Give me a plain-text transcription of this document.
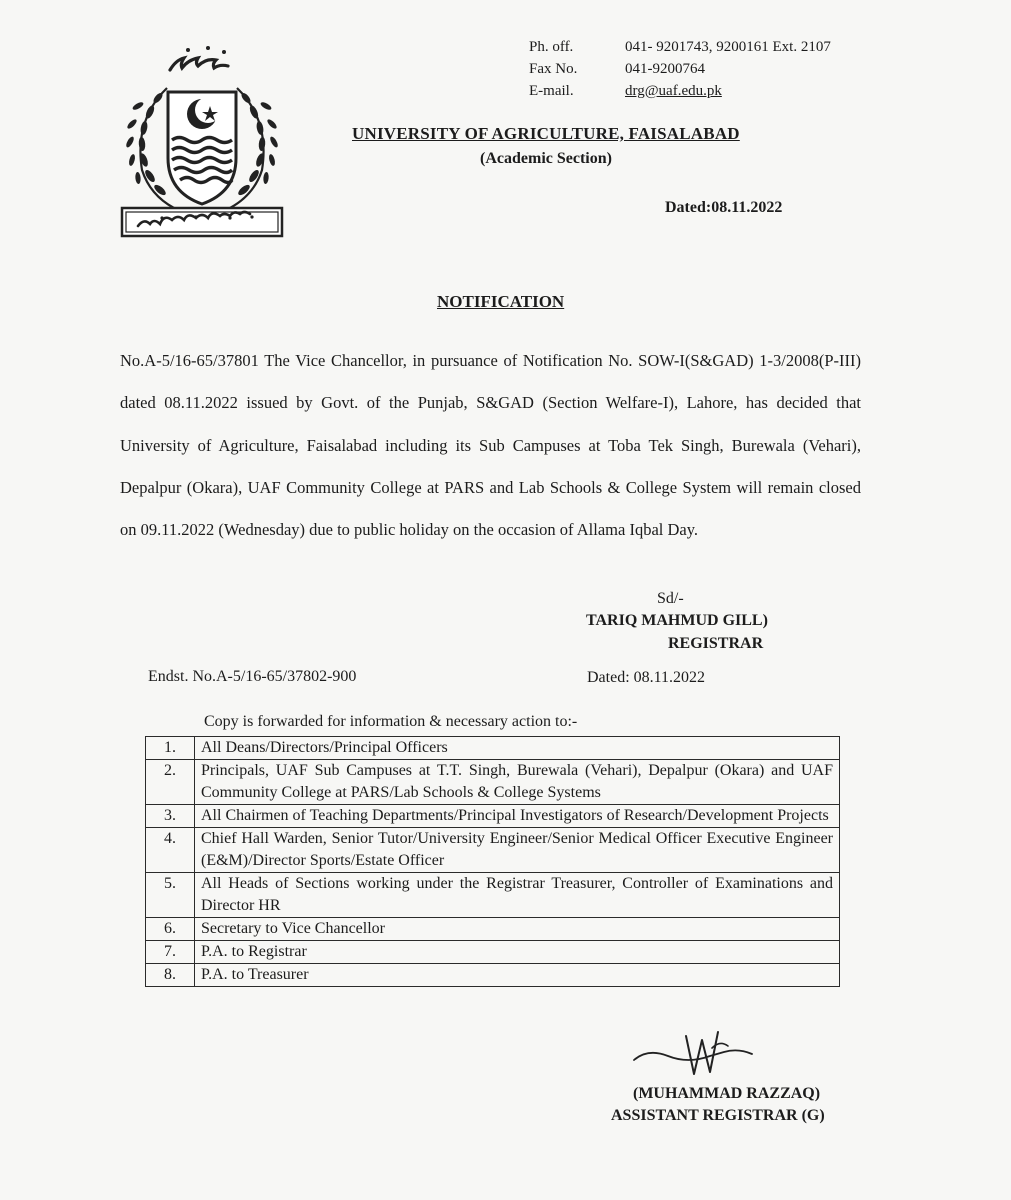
Ph. off.	041- 9201743, 9200161 Ext. 2107
Fax No.	041-9200764
E-mail.	drg@uaf.edu.pk
UNIVERSITY OF AGRICULTURE, FAISALABAD
(Academic Section)
Dated:08.11.2022
NOTIFICATION
No.A-5/16-65/37801 The Vice Chancellor, in pursuance of Notification No. SOW-I(S&GAD) 1-3/2008(P-III) dated 08.11.2022 issued by Govt. of the Punjab, S&GAD (Section Welfare-I), Lahore, has decided that University of Agriculture, Faisalabad including its Sub Campuses at Toba Tek Singh, Burewala (Vehari), Depalpur (Okara), UAF Community College at PARS and Lab Schools & College System will remain closed on 09.11.2022 (Wednesday) due to public holiday on the occasion of Allama Iqbal Day.
Sd/-
TARIQ MAHMUD GILL)
REGISTRAR
Endst. No.A-5/16-65/37802-900	Dated: 08.11.2022
Copy is forwarded for information & necessary action to:-
1.	All Deans/Directors/Principal Officers
2.	Principals, UAF Sub Campuses at T.T. Singh, Burewala (Vehari), Depalpur (Okara) and UAF Community College at PARS/Lab Schools & College Systems
3.	All Chairmen of Teaching Departments/Principal Investigators of Research/Development Projects
4.	Chief Hall Warden, Senior Tutor/University Engineer/Senior Medical Officer Executive Engineer (E&M)/Director Sports/Estate Officer
5.	All Heads of Sections working under the Registrar Treasurer, Controller of Examinations and Director HR
6.	Secretary to Vice Chancellor
7.	P.A. to Registrar
8.	P.A. to Treasurer
(MUHAMMAD RAZZAQ)
ASSISTANT REGISTRAR (G)
